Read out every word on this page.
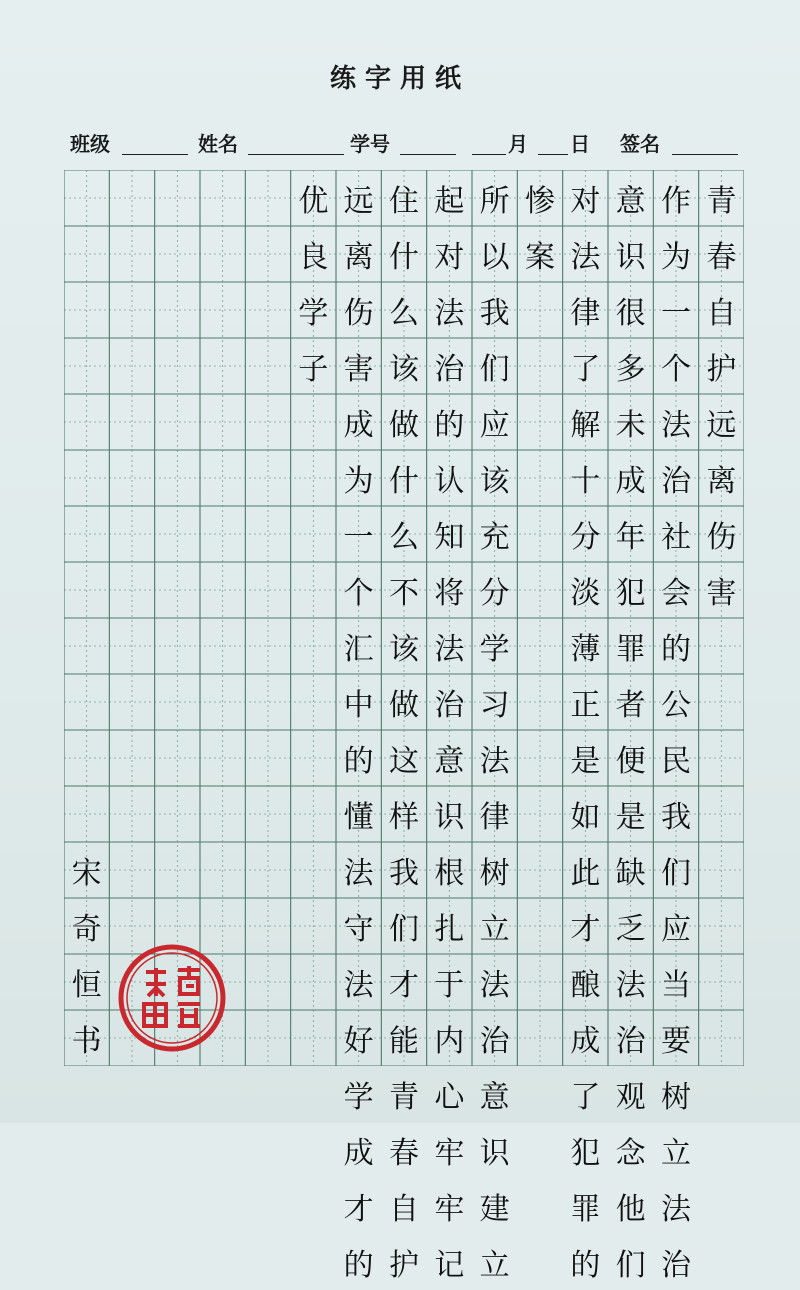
练字用纸
班级	姓名	学号	月 日 签名
青
春
自
护
远
离
伤
害
作
为
一
个
法
治
社
会
的
公
民
我
们
应
当
要
树
立
法
治
意
识
很
多
未
成
年
犯
罪
者
便
是
缺
乏
法
治
观
念
他
们
对
法
律
了
解
十
分
淡
薄
正
是
如
此
才
酿
成
了
犯
罪
的
惨
案
所
以
我
们
应
该
充
分
学
习
法
律
树
立
法
治
意
识
建
立
起
对
法
治
的
认
知
将
法
治
意
识
根
扎
于
内
心
牢
牢
记
住
什
么
该
做
什
么
不
该
做
这
样
我
们
才
能
青
春
自
护
远
离
伤
害
成
为
一
个
汇
中
的
懂
法
守
法
好
学
成
才
的
优
良
学
子
宋
奇
恒
书
